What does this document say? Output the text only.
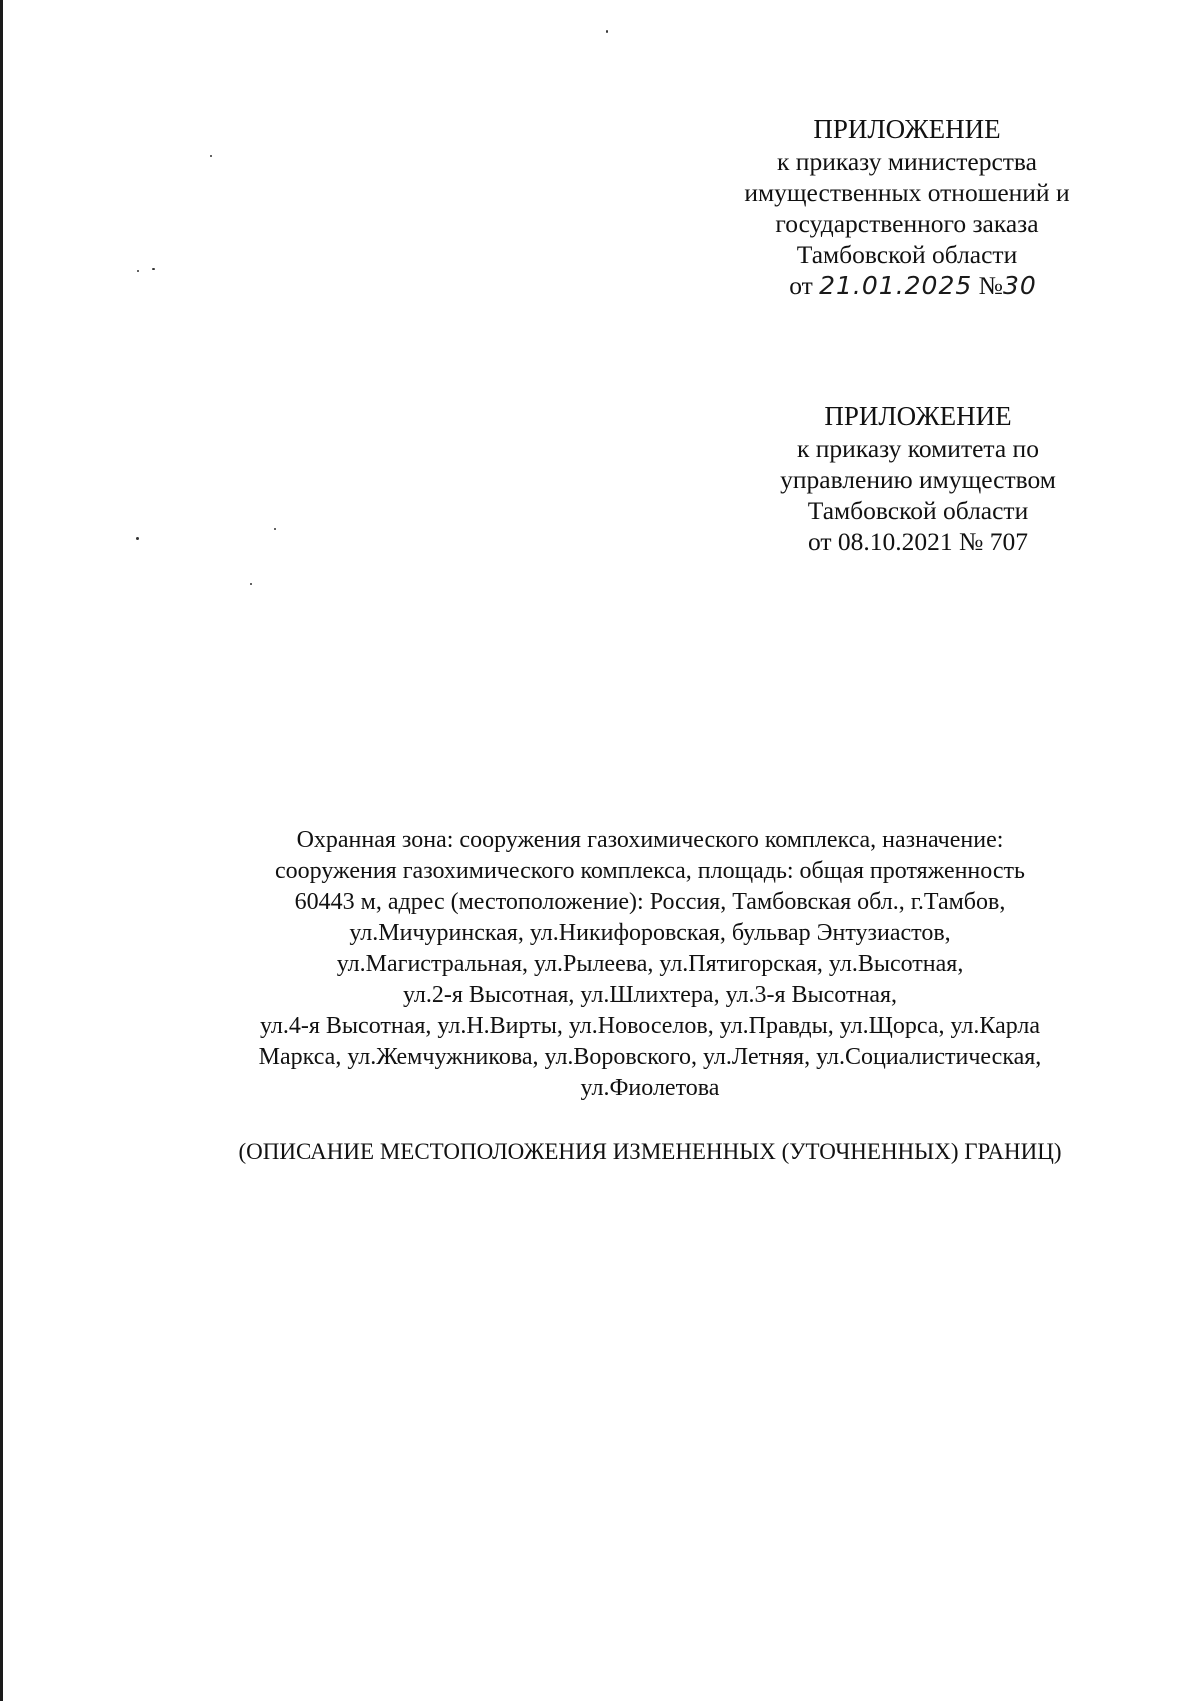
ПРИЛОЖЕНИЕ
к приказу министерства
имущественных отношений и
государственного заказа
Тамбовской области
от 21.01.2025 №30
ПРИЛОЖЕНИЕ
к приказу комитета по
управлению имуществом
Тамбовской области
от 08.10.2021 № 707
Охранная зона: сооружения газохимического комплекса, назначение:
сооружения газохимического комплекса, площадь: общая протяженность
60443 м, адрес (местоположение): Россия, Тамбовская обл., г.Тамбов,
ул.Мичуринская, ул.Никифоровская, бульвар Энтузиастов,
ул.Магистральная, ул.Рылеева, ул.Пятигорская, ул.Высотная,
ул.2-я Высотная, ул.Шлихтера, ул.3-я Высотная,
ул.4-я Высотная, ул.Н.Вирты, ул.Новоселов, ул.Правды, ул.Щорса, ул.Карла
Маркса, ул.Жемчужникова, ул.Воровского, ул.Летняя, ул.Социалистическая,
ул.Фиолетова
(ОПИСАНИЕ МЕСТОПОЛОЖЕНИЯ ИЗМЕНЕННЫХ (УТОЧНЕННЫХ) ГРАНИЦ)
